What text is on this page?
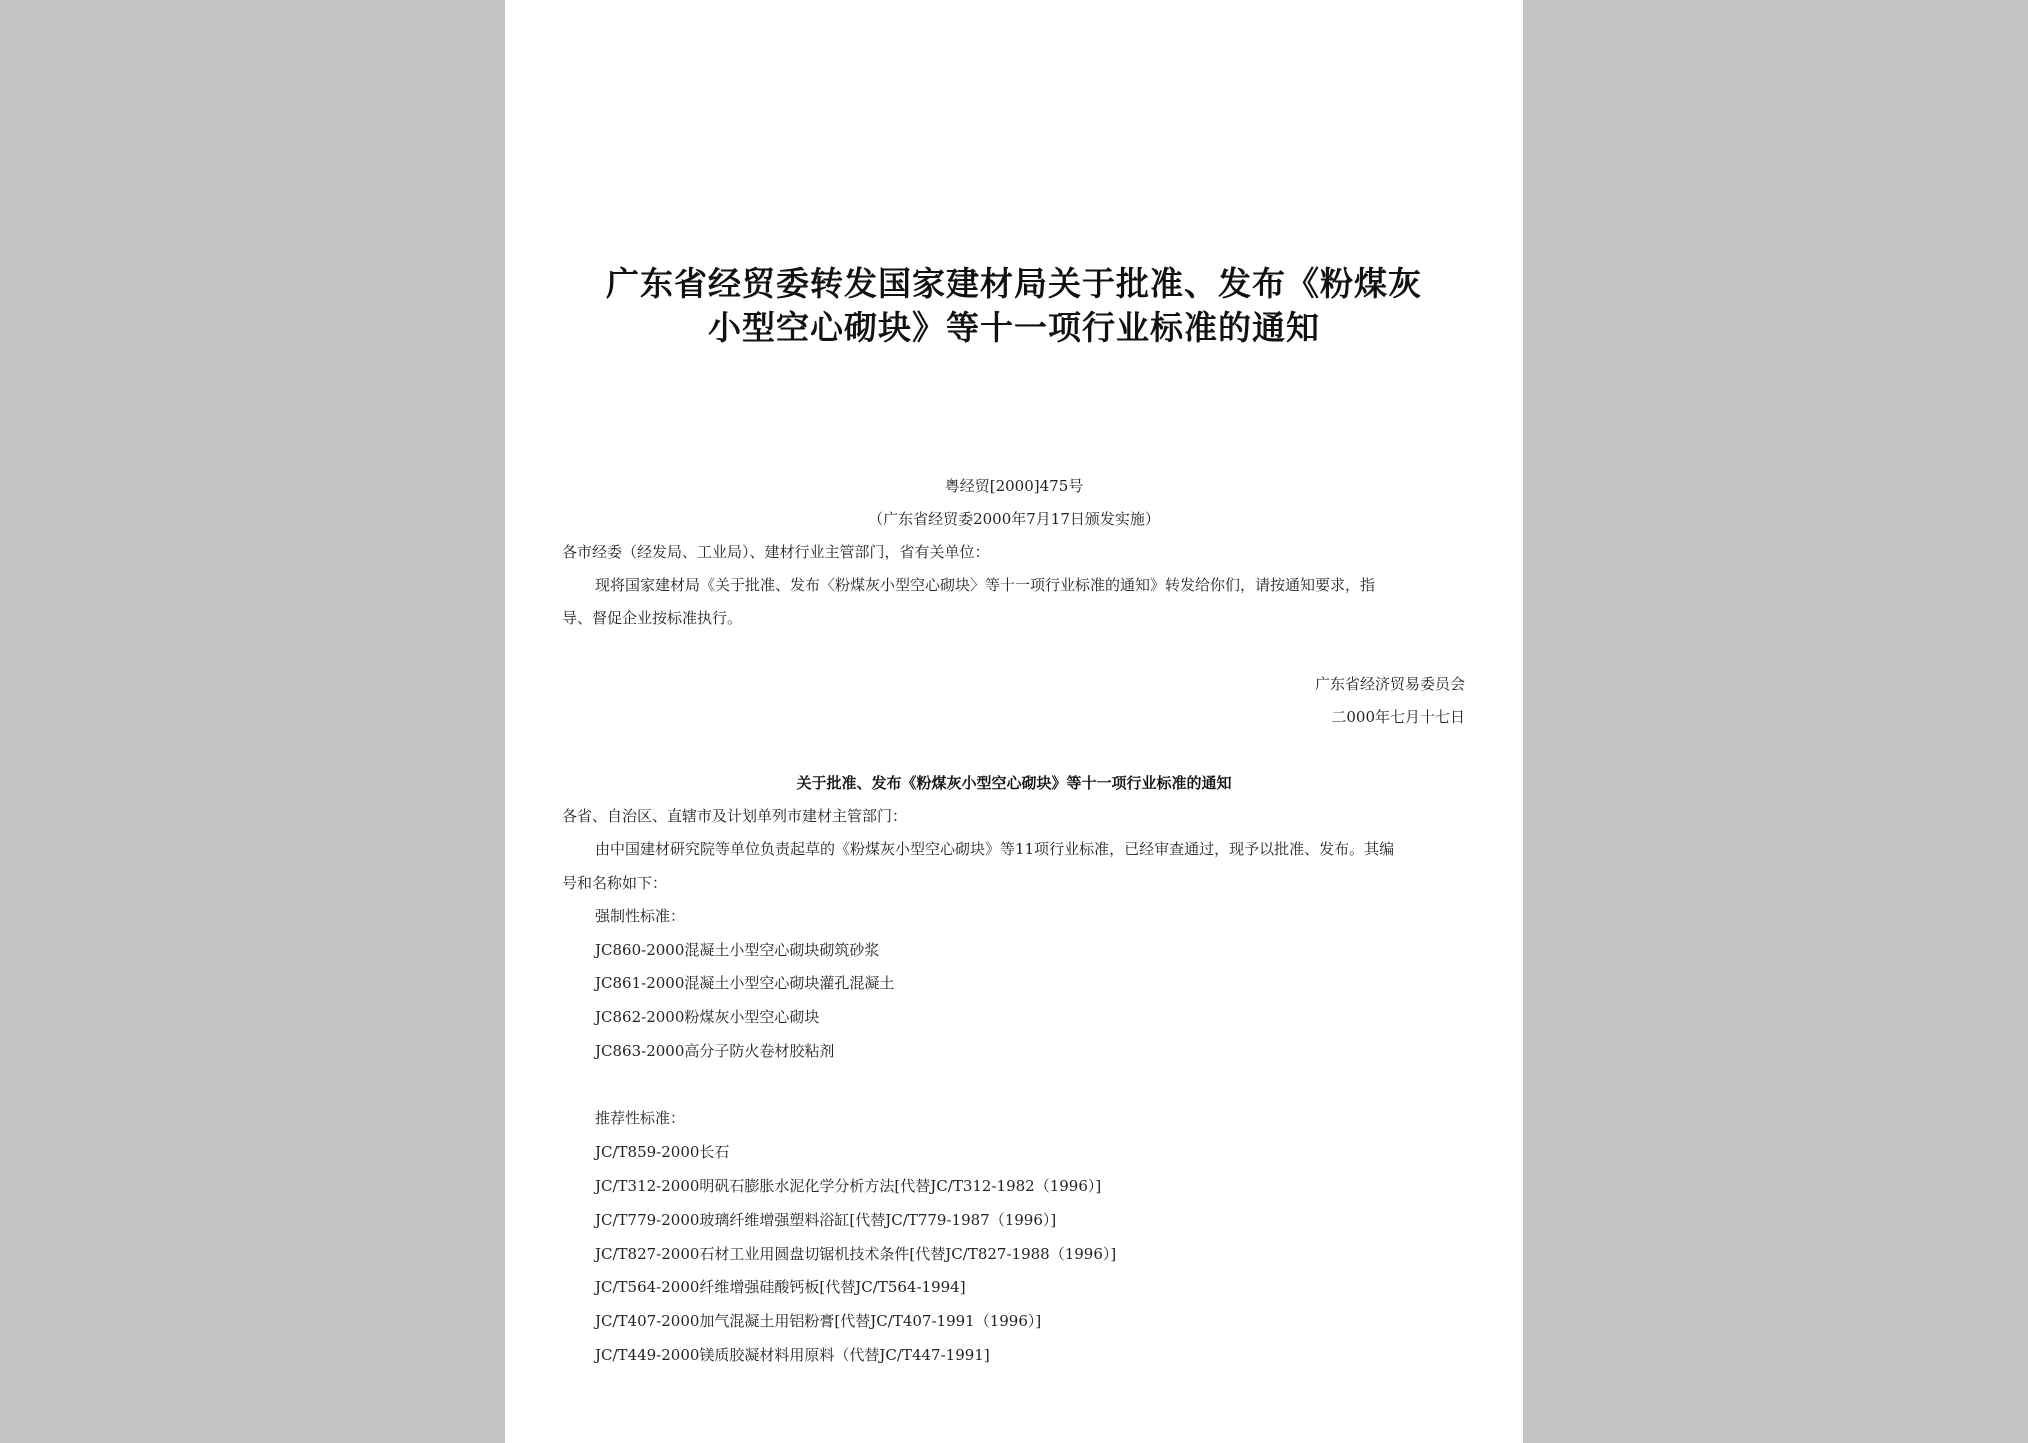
广东省经贸委转发国家建材局关于批准、发布《粉煤灰
小型空心砌块》等十一项行业标准的通知
粤经贸[2000]475号
（广东省经贸委2000年7月17日颁发实施）
各市经委（经发局、工业局）、建材行业主管部门，省有关单位：
现将国家建材局《关于批准、发布〈粉煤灰小型空心砌块〉等十一项行业标准的通知》转发给你们，请按通知要求，指
导、督促企业按标准执行。
广东省经济贸易委员会
二000年七月十七日
关于批准、发布《粉煤灰小型空心砌块》等十一项行业标准的通知
各省、自治区、直辖市及计划单列市建材主管部门：
由中国建材研究院等单位负责起草的《粉煤灰小型空心砌块》等11项行业标准，已经审查通过，现予以批准、发布。其编
号和名称如下：
强制性标准：
JC860-2000混凝土小型空心砌块砌筑砂浆
JC861-2000混凝土小型空心砌块灌孔混凝土
JC862-2000粉煤灰小型空心砌块
JC863-2000高分子防火卷材胶粘剂
推荐性标准：
JC/T859-2000长石
JC/T312-2000明矾石膨胀水泥化学分析方法[代替JC/T312-1982（1996）]
JC/T779-2000玻璃纤维增强塑料浴缸[代替JC/T779-1987（1996）]
JC/T827-2000石材工业用圆盘切锯机技术条件[代替JC/T827-1988（1996）]
JC/T564-2000纤维增强硅酸钙板[代替JC/T564-1994]
JC/T407-2000加气混凝土用铝粉膏[代替JC/T407-1991（1996）]
JC/T449-2000镁质胶凝材料用原料（代替JC/T447-1991]
